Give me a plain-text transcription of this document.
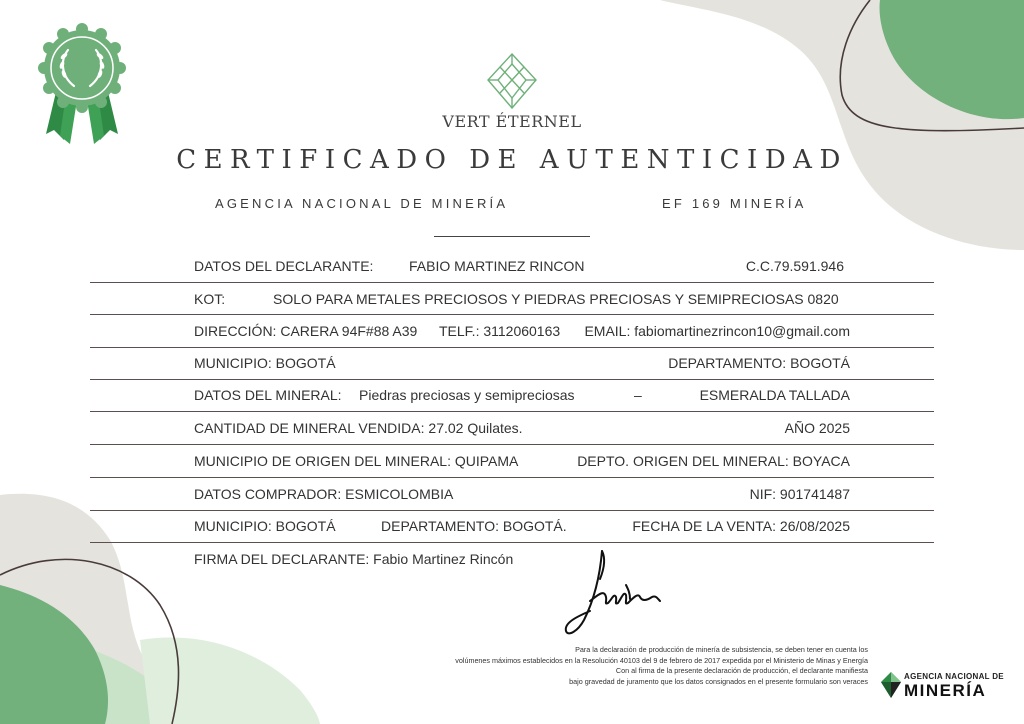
VERT ÉTERNEL
CERTIFICADO DE AUTENTICIDAD
AGENCIA NACIONAL DE MINERÍA	EF 169 MINERÍA
DATOS DEL DECLARANTE:	FABIO MARTINEZ RINCON	C.C.79.591.946
KOT:	SOLO PARA METALES PRECIOSOS Y PIEDRAS PRECIOSAS Y SEMIPRECIOSAS 0820
DIRECCIÓN: CARERA 94F#88 A39 TELF.: 3112060163 EMAIL: fabiomartinezrincon10@gmail.com
MUNICIPIO: BOGOTÁ	DEPARTAMENTO: BOGOTÁ
DATOS DEL MINERAL: Piedras preciosas y semipreciosas	–	ESMERALDA TALLADA
CANTIDAD DE MINERAL VENDIDA: 27.02 Quilates.	AÑO 2025
MUNICIPIO DE ORIGEN DEL MINERAL: QUIPAMA	DEPTO. ORIGEN DEL MINERAL: BOYACA
DATOS COMPRADOR: ESMICOLOMBIA	NIF: 901741487
MUNICIPIO: BOGOTÁ	DEPARTAMENTO: BOGOTÁ.	FECHA DE LA VENTA: 26/08/2025
FIRMA DEL DECLARANTE: Fabio Martinez Rincón
Para la declaración de producción de minería de subsistencia, se deben tener en cuenta los
volúmenes máximos establecidos en la Resolución 40103 del 9 de febrero de 2017 expedida por el Ministerio de Minas y Energía
Con al firma de la presente declaración de producción, el declarante manifiesta
bajo gravedad de juramento que los datos consignados en el presente formulario son veraces	AGENCIA NACIONAL DE
MINERÍA
